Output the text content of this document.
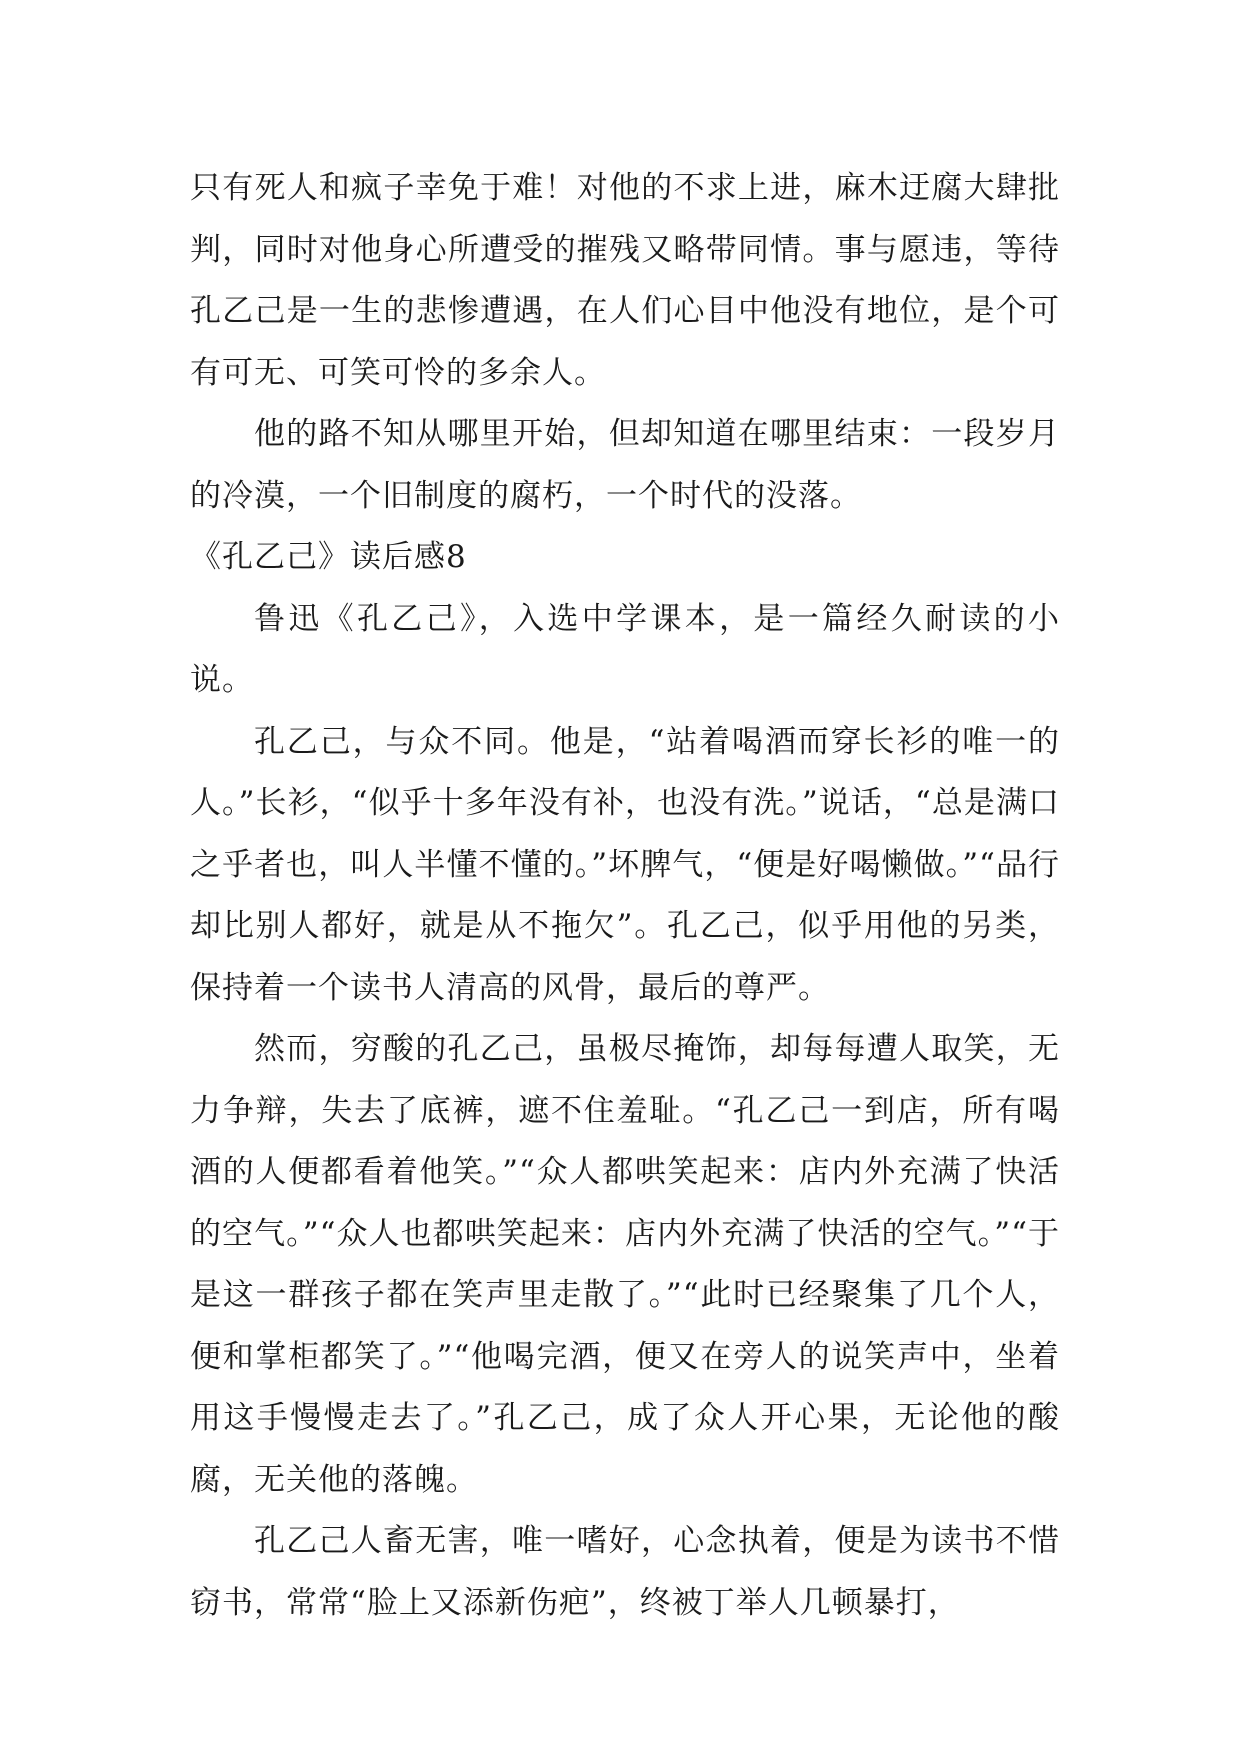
只有死人和疯子幸免于难！对他的不求上进，麻木迂腐大肆批判，同时对他身心所遭受的摧残又略带同情。事与愿违，等待孔乙己是一生的悲惨遭遇，在人们心目中他没有地位，是个可有可无、可笑可怜的多余人。

他的路不知从哪里开始，但却知道在哪里结束：一段岁月的冷漠，一个旧制度的腐朽，一个时代的没落。

《孔乙己》读后感8

鲁迅《孔乙己》，入选中学课本，是一篇经久耐读的小说。

孔乙己，与众不同。他是，“站着喝酒而穿长衫的唯一的人。”长衫，“似乎十多年没有补，也没有洗。”说话，“总是满口之乎者也，叫人半懂不懂的。”坏脾气，“便是好喝懒做。”“品行却比别人都好，就是从不拖欠”。孔乙己，似乎用他的另类，保持着一个读书人清高的风骨，最后的尊严。

然而，穷酸的孔乙己，虽极尽掩饰，却每每遭人取笑，无力争辩，失去了底裤，遮不住羞耻。“孔乙己一到店，所有喝酒的人便都看着他笑。”“众人都哄笑起来：店内外充满了快活的空气。”“众人也都哄笑起来：店内外充满了快活的空气。”“于是这一群孩子都在笑声里走散了。”“此时已经聚集了几个人，便和掌柜都笑了。”“他喝完酒，便又在旁人的说笑声中，坐着用这手慢慢走去了。”孔乙己，成了众人开心果，无论他的酸腐，无关他的落魄。

孔乙己人畜无害，唯一嗜好，心念执着，便是为读书不惜窃书，常常“脸上又添新伤疤”，终被丁举人几顿暴打，
